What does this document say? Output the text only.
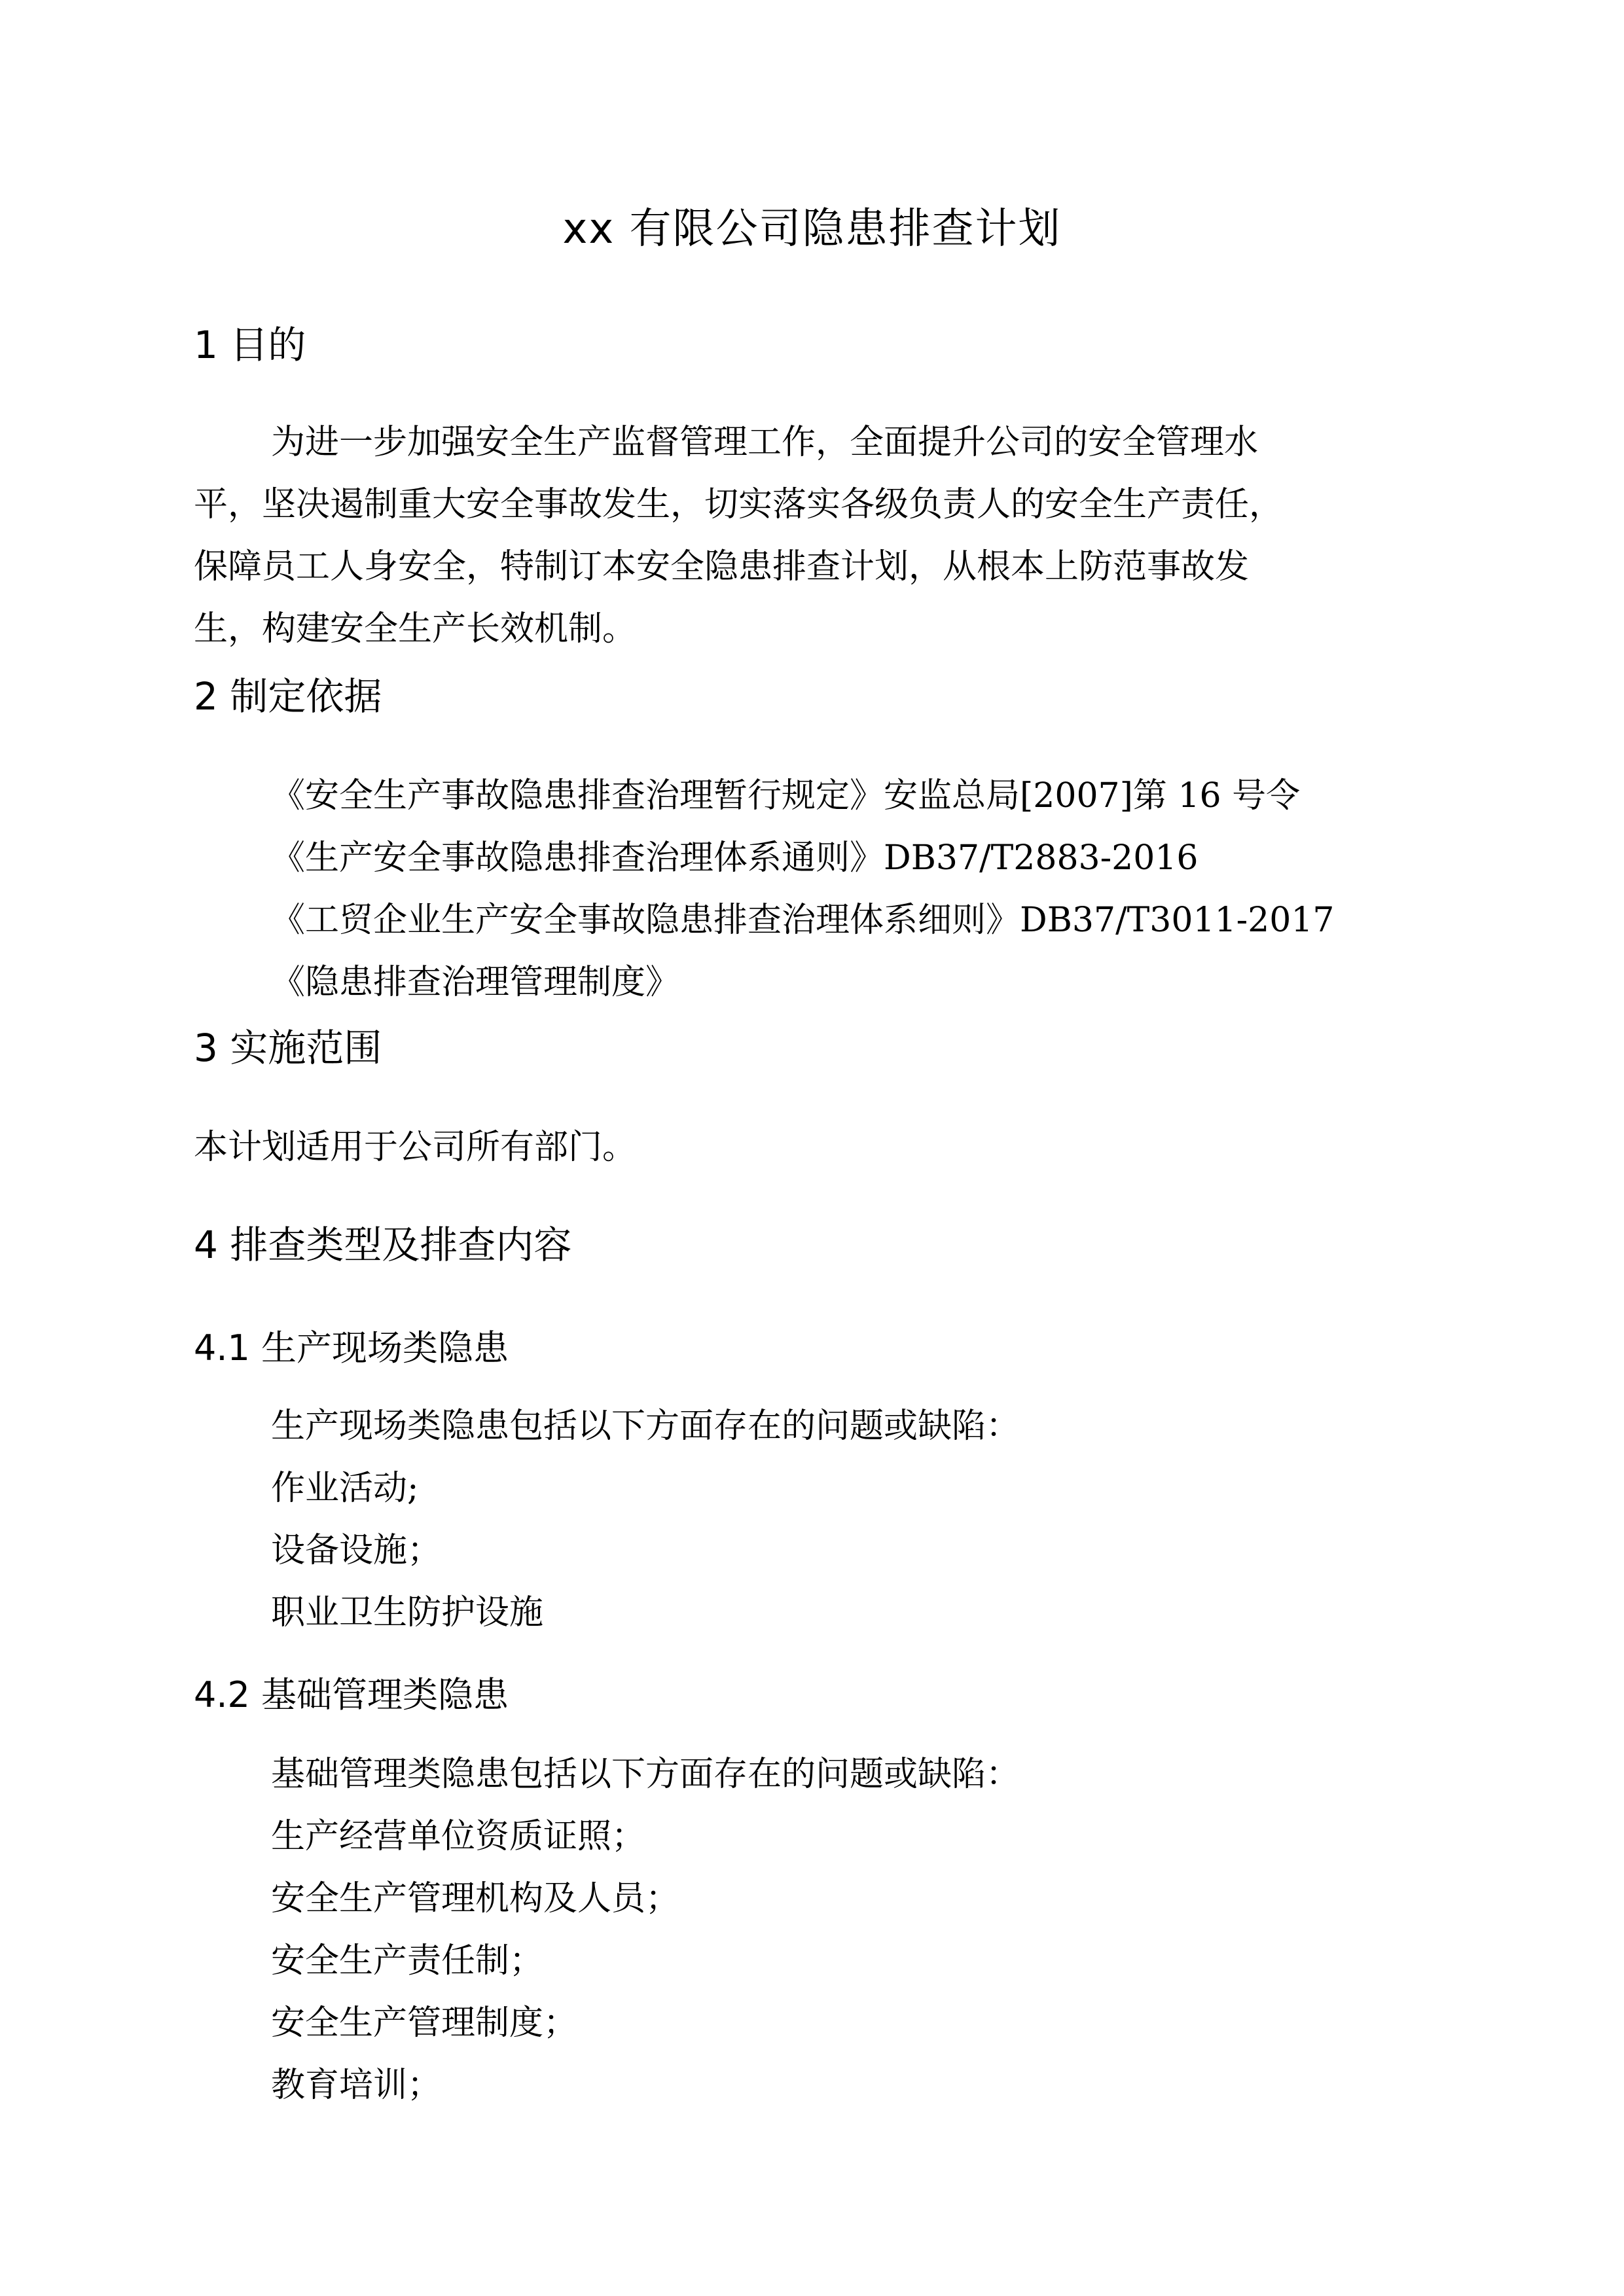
xx 有限公司隐患排查计划
1 目的
为进一步加强安全生产监督管理工作，全面提升公司的安全管理水
平，坚决遏制重大安全事故发生，切实落实各级负责人的安全生产责任，
保障员工人身安全，特制订本安全隐患排查计划，从根本上防范事故发
生，构建安全生产长效机制。
2 制定依据
《安全生产事故隐患排查治理暂行规定》安监总局[2007]第 16 号令
《生产安全事故隐患排查治理体系通则》DB37/T2883-2016
《工贸企业生产安全事故隐患排查治理体系细则》DB37/T3011-2017
《隐患排查治理管理制度》
3 实施范围
本计划适用于公司所有部门。
4 排查类型及排查内容
4.1 生产现场类隐患
生产现场类隐患包括以下方面存在的问题或缺陷：
作业活动;
设备设施；
职业卫生防护设施
4.2 基础管理类隐患
基础管理类隐患包括以下方面存在的问题或缺陷：
生产经营单位资质证照；
安全生产管理机构及人员；
安全生产责任制；
安全生产管理制度；
教育培训；
